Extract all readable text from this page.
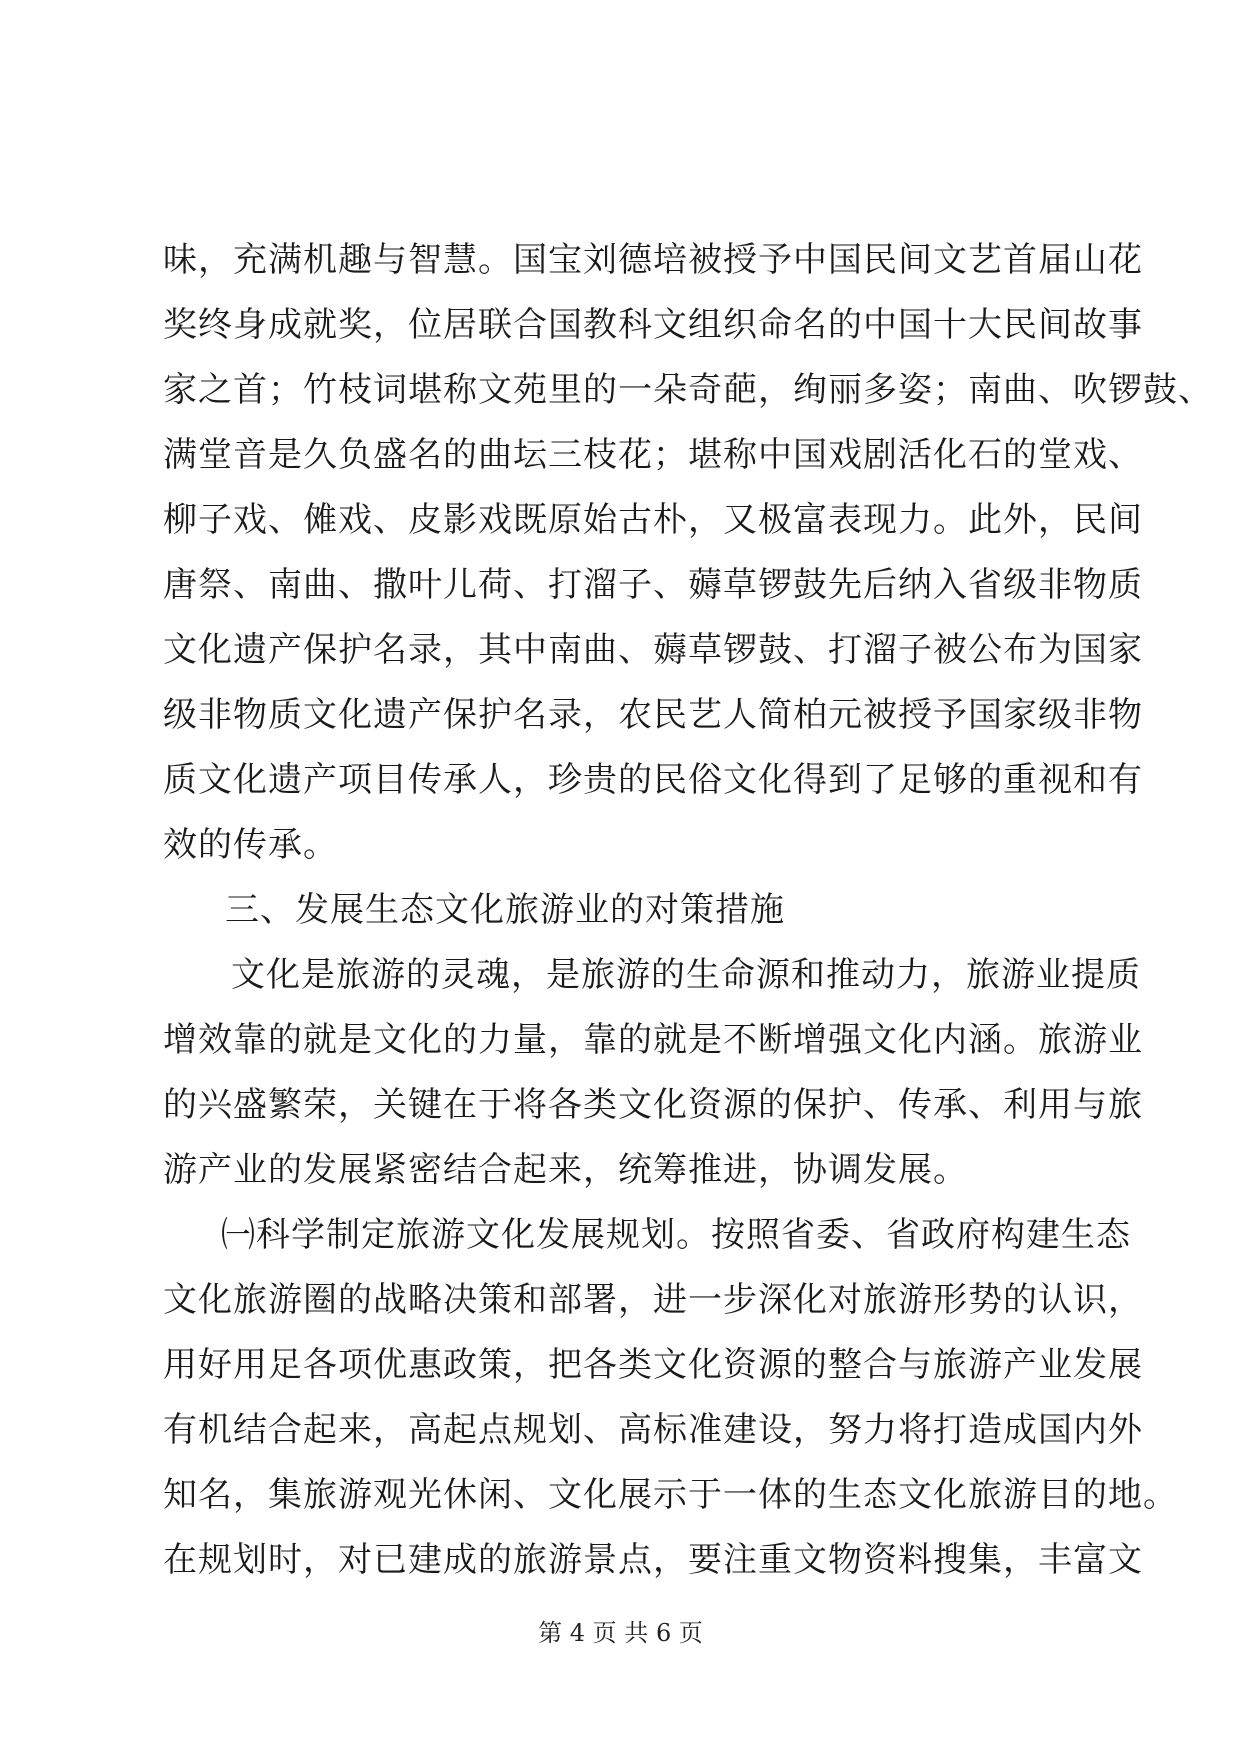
味，充满机趣与智慧。国宝刘德培被授予中国民间文艺首届山花
奖终身成就奖，位居联合国教科文组织命名的中国十大民间故事
家之首；竹枝词堪称文苑里的一朵奇葩，绚丽多姿；南曲、吹锣鼓、
满堂音是久负盛名的曲坛三枝花；堪称中国戏剧活化石的堂戏、
柳子戏、傩戏、皮影戏既原始古朴，又极富表现力。此外，民间
唐祭、南曲、撒叶儿荷、打溜子、薅草锣鼓先后纳入省级非物质
文化遗产保护名录，其中南曲、薅草锣鼓、打溜子被公布为国家
级非物质文化遗产保护名录，农民艺人简柏元被授予国家级非物
质文化遗产项目传承人，珍贵的民俗文化得到了足够的重视和有
效的传承。
三、发展生态文化旅游业的对策措施
文化是旅游的灵魂，是旅游的生命源和推动力，旅游业提质
增效靠的就是文化的力量，靠的就是不断增强文化内涵。旅游业
的兴盛繁荣，关键在于将各类文化资源的保护、传承、利用与旅
游产业的发展紧密结合起来，统筹推进，协调发展。
㈠科学制定旅游文化发展规划。按照省委、省政府构建生态
文化旅游圈的战略决策和部署，进一步深化对旅游形势的认识，
用好用足各项优惠政策，把各类文化资源的整合与旅游产业发展
有机结合起来，高起点规划、高标准建设，努力将打造成国内外
知名，集旅游观光休闲、文化展示于一体的生态文化旅游目的地。
在规划时，对已建成的旅游景点，要注重文物资料搜集，丰富文
第 4 页 共 6 页
